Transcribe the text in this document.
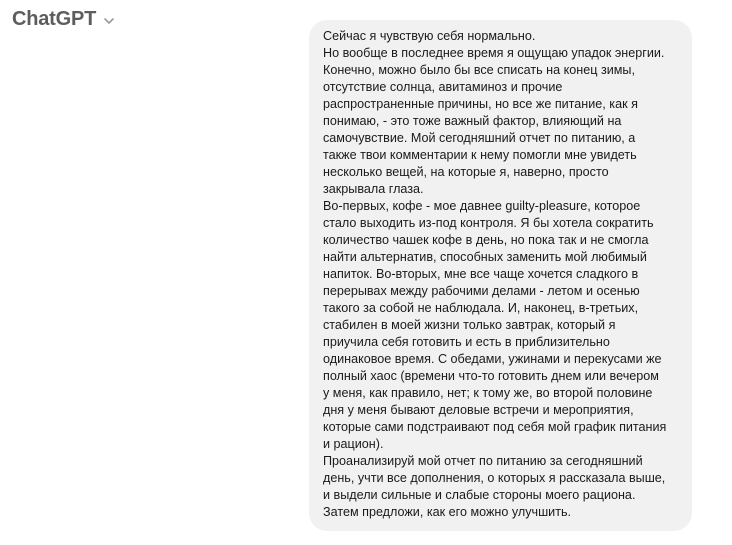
ChatGPT

Сейчас я чувствую себя нормально.
Но вообще в последнее время я ощущаю упадок энергии.
Конечно, можно было бы все списать на конец зимы,
отсутствие солнца, авитаминоз и прочие
распространенные причины, но все же питание, как я
понимаю, - это тоже важный фактор, влияющий на
самочувствие. Мой сегодняшний отчет по питанию, а
также твои комментарии к нему помогли мне увидеть
несколько вещей, на которые я, наверно, просто
закрывала глаза.
Во-первых, кофе - мое давнее guilty-pleasure, которое
стало выходить из-под контроля. Я бы хотела сократить
количество чашек кофе в день, но пока так и не смогла
найти альтернатив, способных заменить мой любимый
напиток. Во-вторых, мне все чаще хочется сладкого в
перерывах между рабочими делами - летом и осенью
такого за собой не наблюдала. И, наконец, в-третьих,
стабилен в моей жизни только завтрак, который я
приучила себя готовить и есть в приблизительно
одинаковое время. С обедами, ужинами и перекусами же
полный хаос (времени что-то готовить днем или вечером
у меня, как правило, нет; к тому же, во второй половине
дня у меня бывают деловые встречи и мероприятия,
которые сами подстраивают под себя мой график питания
и рацион).
Проанализируй мой отчет по питанию за сегодняшний
день, учти все дополнения, о которых я рассказала выше,
и выдели сильные и слабые стороны моего рациона.
Затем предложи, как его можно улучшить.
